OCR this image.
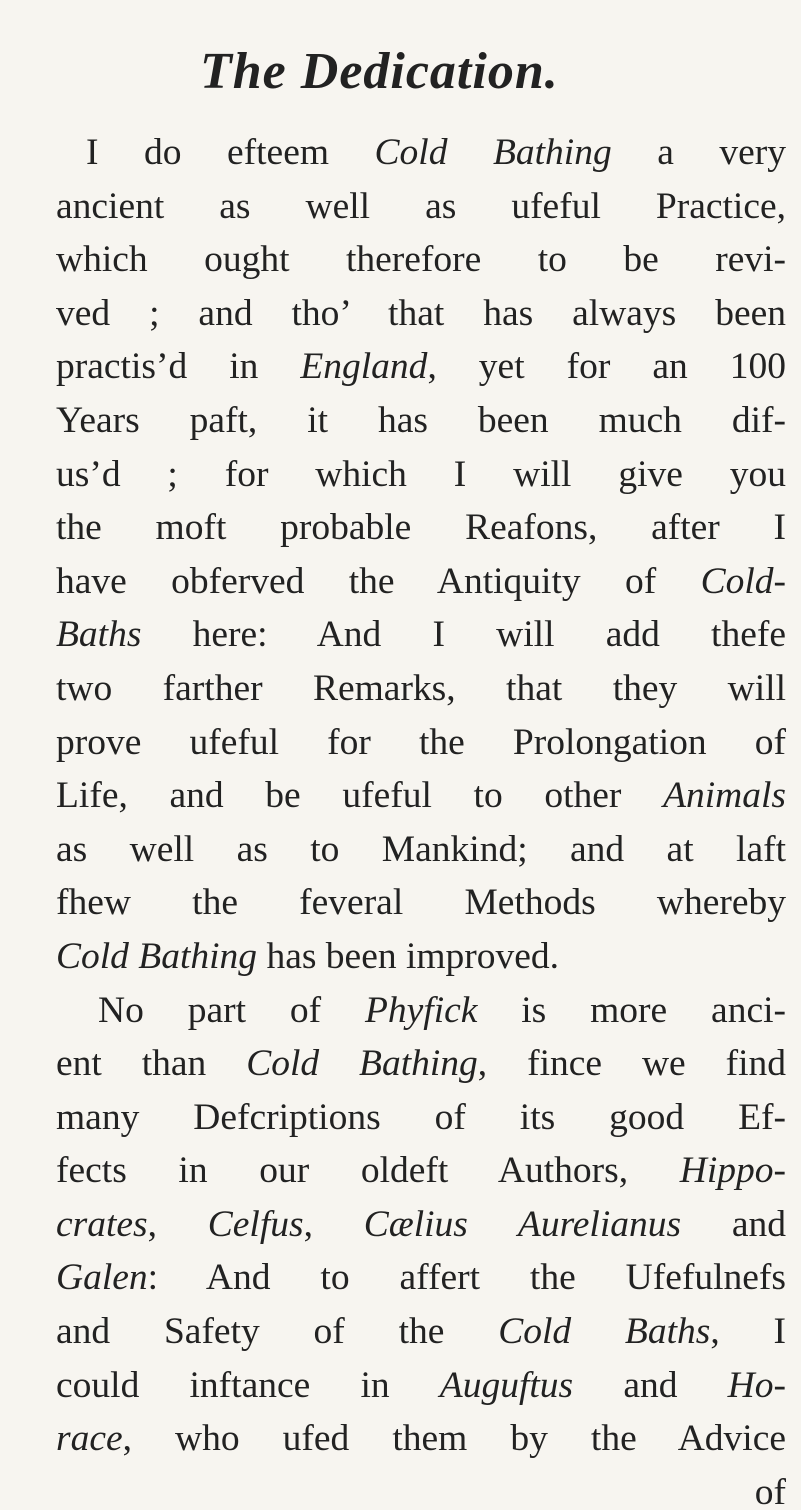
The Dedication.
I do efteem Cold Bathing a very
ancient as well as ufeful Practice,
which ought therefore to be revi-
ved ; and tho’ that has always been
practis’d in England, yet for an 100
Years paft, it has been much dif-
us’d ; for which I will give you
the moft probable Reafons, after I
have obferved the Antiquity of Cold-
Baths here: And I will add thefe
two farther Remarks, that they will
prove ufeful for the Prolongation of
Life, and be ufeful to other Animals
as well as to Mankind; and at laft
fhew the feveral Methods whereby
Cold Bathing has been improved.
No part of Phyfick is more anci-
ent than Cold Bathing, fince we find
many Defcriptions of its good Ef-
fects in our oldeft Authors, Hippo-
crates, Celfus, Cælius Aurelianus and
Galen: And to affert the Ufefulnefs
and Safety of the Cold Baths, I
could inftance in Auguftus and Ho-
race, who ufed them by the Advice
of
